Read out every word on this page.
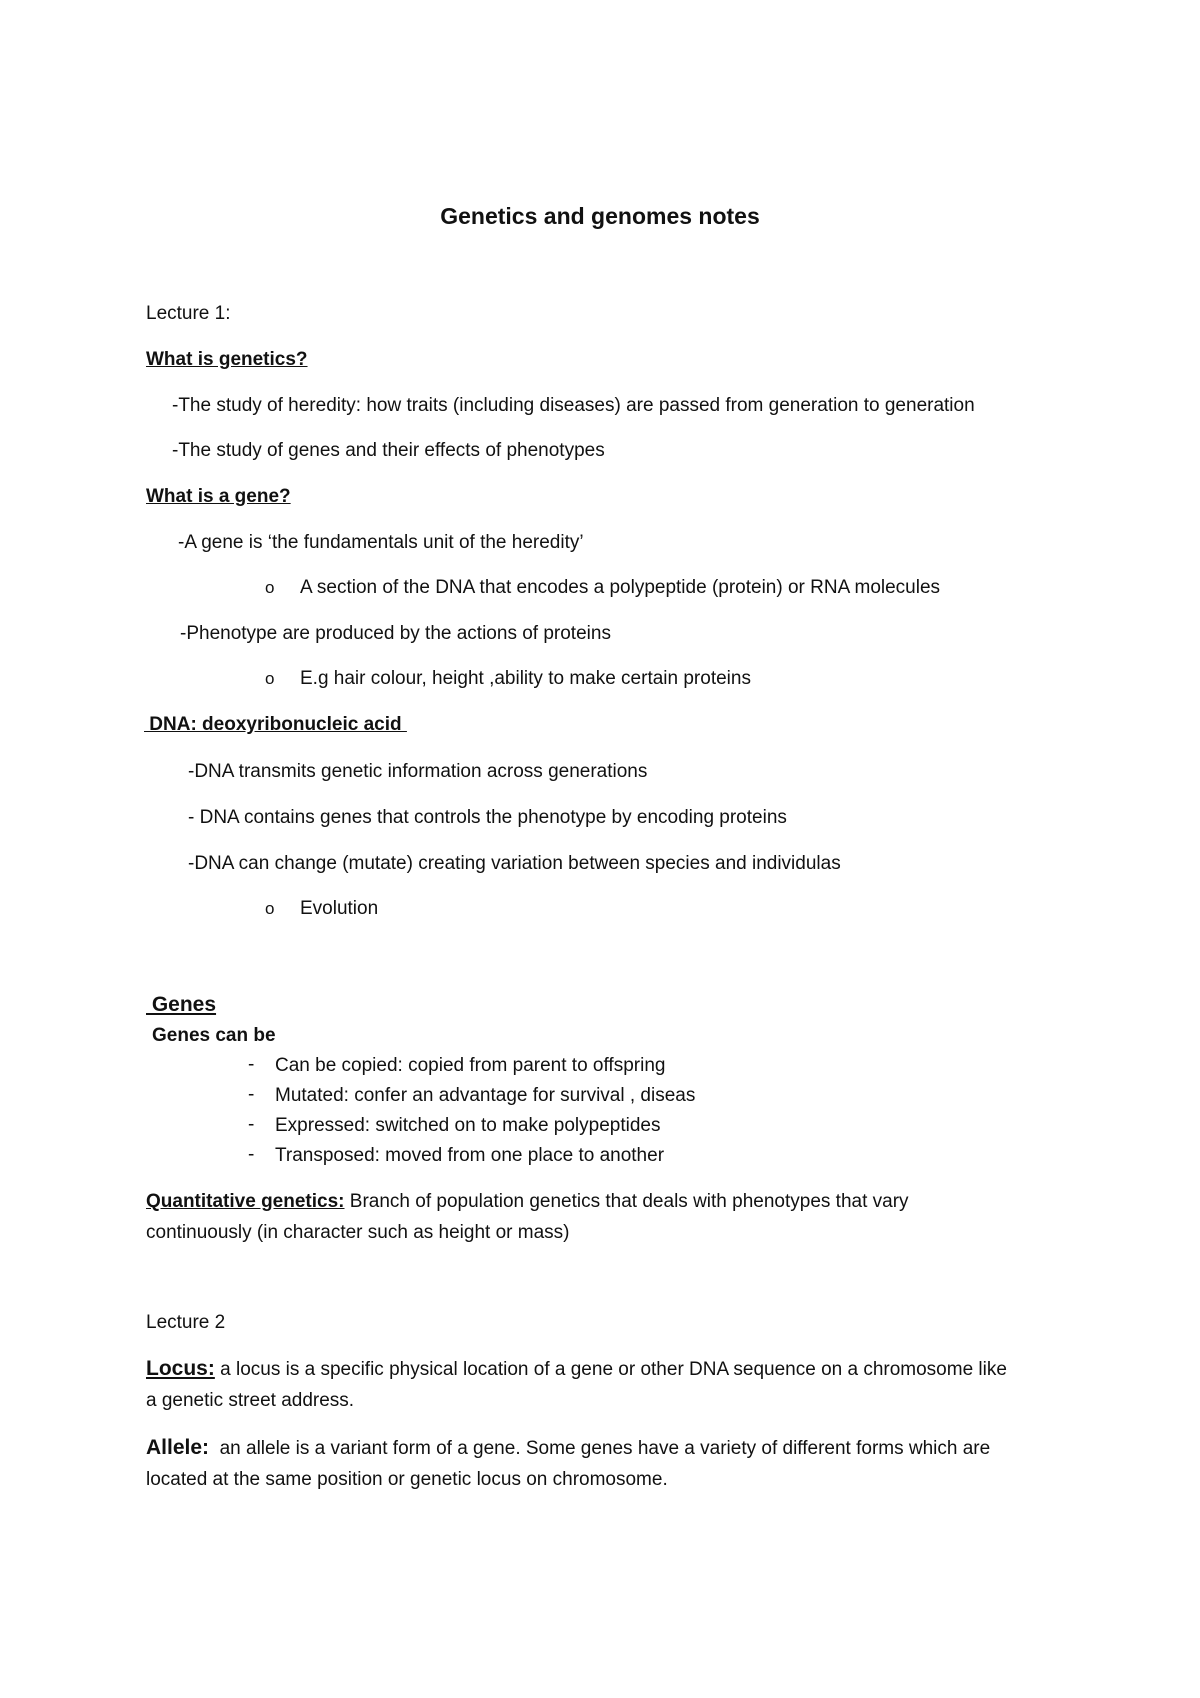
Genetics and genomes notes
Lecture 1:
What is genetics?
-The study of heredity: how traits (including diseases) are passed from generation to generation
-The study of genes and their effects of phenotypes
What is a gene?
-A gene is ‘the fundamentals unit of the heredity’
o A section of the DNA that encodes a polypeptide (protein) or RNA molecules
-Phenotype are produced by the actions of proteins
o E.g hair colour, height ,ability to make certain proteins
DNA: deoxyribonucleic acid
-DNA transmits genetic information across generations
- DNA contains genes that controls the phenotype by encoding proteins
-DNA can change (mutate) creating variation between species and individulas
o Evolution
Genes
Genes can be
- Can be copied: copied from parent to offspring
- Mutated: confer an advantage for survival , diseas
- Expressed: switched on to make polypeptides
- Transposed: moved from one place to another
Quantitative genetics: Branch of population genetics that deals with phenotypes that vary
continuously (in character such as height or mass)
Lecture 2
Locus: a locus is a specific physical location of a gene or other DNA sequence on a chromosome like
a genetic street address.
Allele:  an allele is a variant form of a gene. Some genes have a variety of different forms which are
located at the same position or genetic locus on chromosome.
